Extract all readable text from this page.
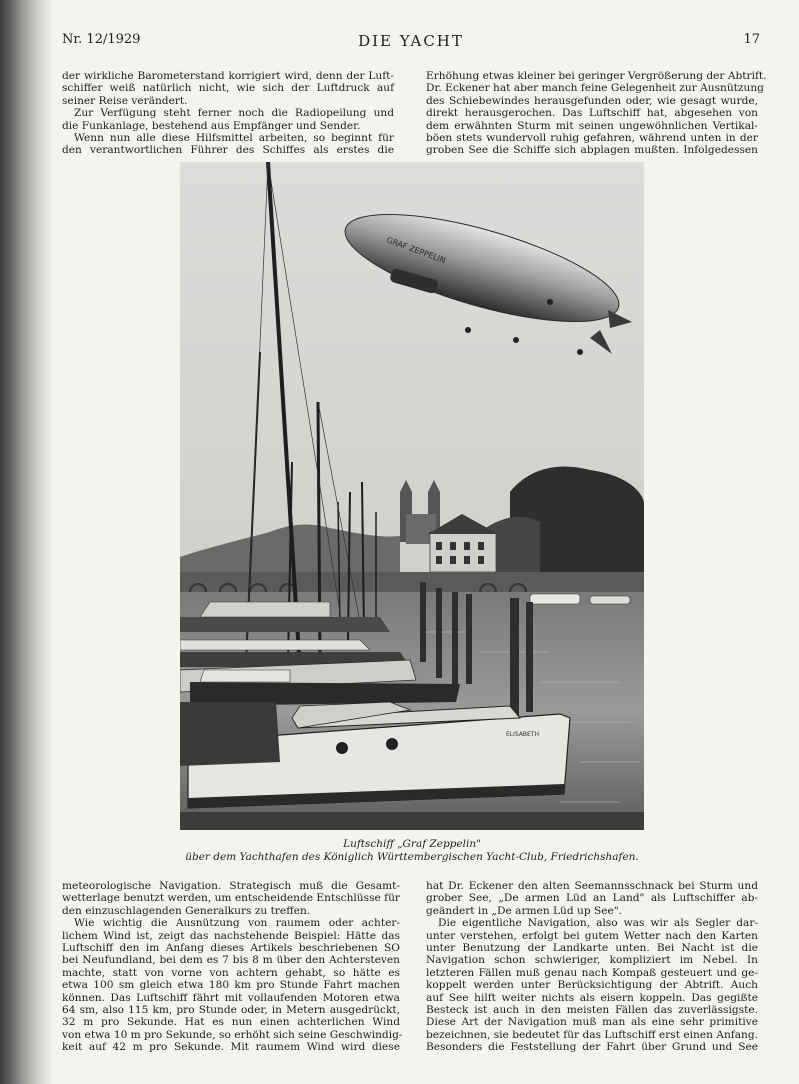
Nr. 12/1929	DIE YACHT	17

der wirkliche Barometerstand korrigiert wird, denn der Luft-

schiffer weiß natürlich nicht, wie sich der Luftdruck auf

seiner Reise verändert.

Zur Verfügung steht ferner noch die Radiopeilung und

die Funkanlage, bestehend aus Empfänger und Sender.

Wenn nun alle diese Hilfsmittel arbeiten, so beginnt für

den verantwortlichen Führer des Schiffes als erstes die

Erhöhung etwas kleiner bei geringer Vergrößerung der Abtrift.

Dr. Eckener hat aber manch feine Gelegenheit zur Ausnützung

des Schiebewindes herausgefunden oder, wie gesagt wurde,

direkt herausgerochen. Das Luftschiff hat, abgesehen von

dem erwähnten Sturm mit seinen ungewöhnlichen Vertikal-

böen stets wundervoll ruhig gefahren, während unten in der

groben See die Schiffe sich abplagen mußten. Infolgedessen

GRAF ZEPPELIN
ELISABETH
Luftschiff „Graf Zeppelin"
über dem Yachthafen des Königlich Württembergischen Yacht-Club, Friedrichshafen.

meteorologische Navigation. Strategisch muß die Gesamt-

wetterlage benutzt werden, um entscheidende Entschlüsse für

den einzuschlagenden Generalkurs zu treffen.

Wie wichtig die Ausnützung von raumem oder achter-

lichem Wind ist, zeigt das nachstehende Beispiel: Hätte das

Luftschiff den im Anfang dieses Artikels beschriebenen SO

bei Neufundland, bei dem es 7 bis 8 m über den Achtersteven

machte, statt von vorne von achtern gehabt, so hätte es

etwa 100 sm gleich etwa 180 km pro Stunde Fahrt machen

können. Das Luftschiff fährt mit vollaufenden Motoren etwa

64 sm, also 115 km, pro Stunde oder, in Metern ausgedrückt,

32 m pro Sekunde. Hat es nun einen achterlichen Wind

von etwa 10 m pro Sekunde, so erhöht sich seine Geschwindig-

keit auf 42 m pro Sekunde. Mit raumem Wind wird diese

hat Dr. Eckener den alten Seemannsschnack bei Sturm und

grober See, „De armen Lüd an Land" als Luftschiffer ab-

geändert in „De armen Lüd up See".

Die eigentliche Navigation, also was wir als Segler dar-

unter verstehen, erfolgt bei gutem Wetter nach den Karten

unter Benutzung der Landkarte unten. Bei Nacht ist die

Navigation schon schwieriger, kompliziert im Nebel. In

letzteren Fällen muß genau nach Kompaß gesteuert und ge-

koppelt werden unter Berücksichtigung der Abtrift. Auch

auf See hilft weiter nichts als eisern koppeln. Das gegißte

Besteck ist auch in den meisten Fällen das zuverlässigste.

Diese Art der Navigation muß man als eine sehr primitive

bezeichnen, sie bedeutet für das Luftschiff erst einen Anfang.

Besonders die Feststellung der Fahrt über Grund und See
